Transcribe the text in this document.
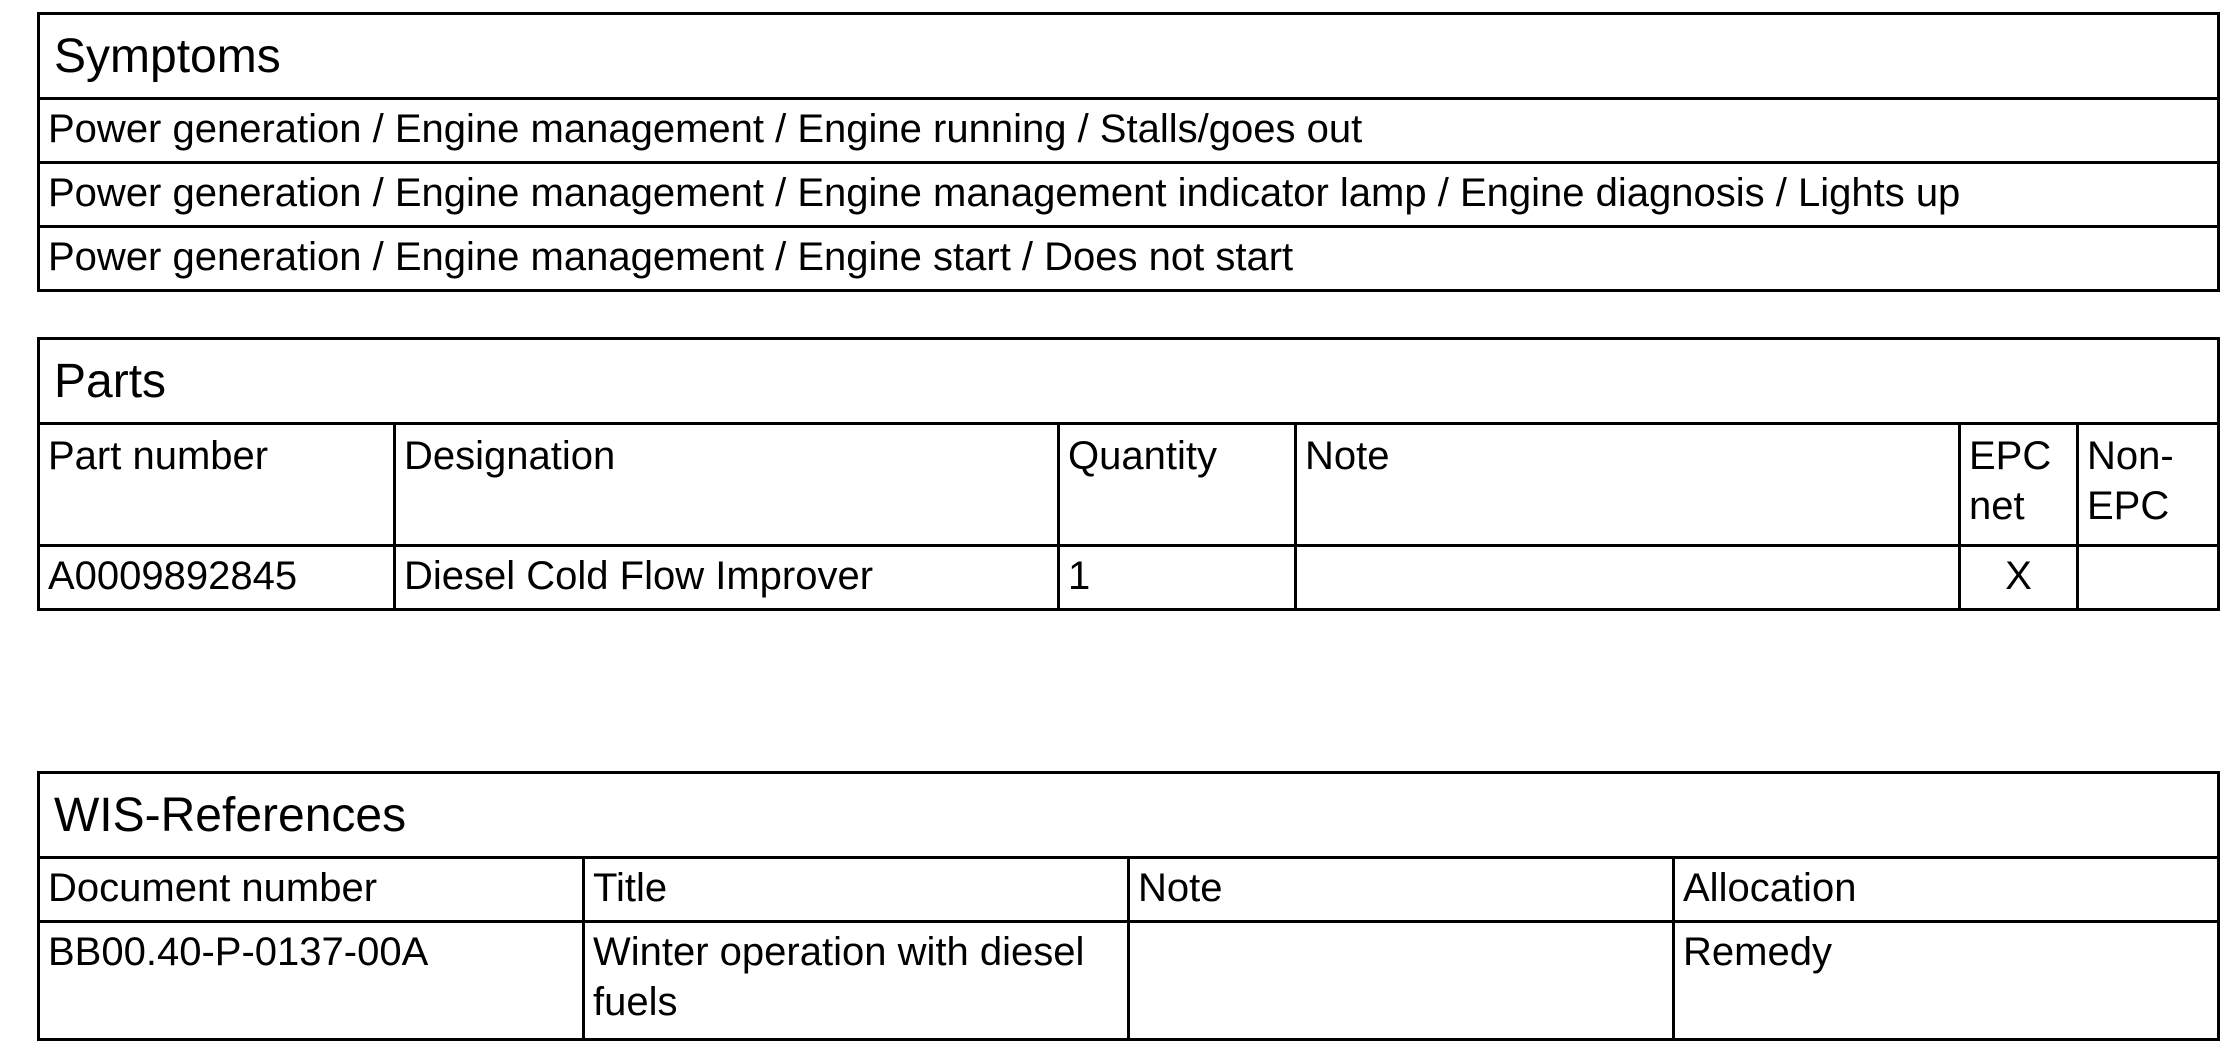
Symptoms
Power generation / Engine management / Engine running / Stalls/goes out
Power generation / Engine management / Engine management indicator lamp / Engine diagnosis / Lights up
Power generation / Engine management / Engine start / Does not start
Parts					
Part number	Designation	Quantity	Note	EPC net	Non-EPC
A0009892845	Diesel Cold Flow Improver	1		X	
WIS-References			
Document number	Title	Note	Allocation
BB00.40-P-0137-00A	Winter operation with diesel fuels		Remedy
